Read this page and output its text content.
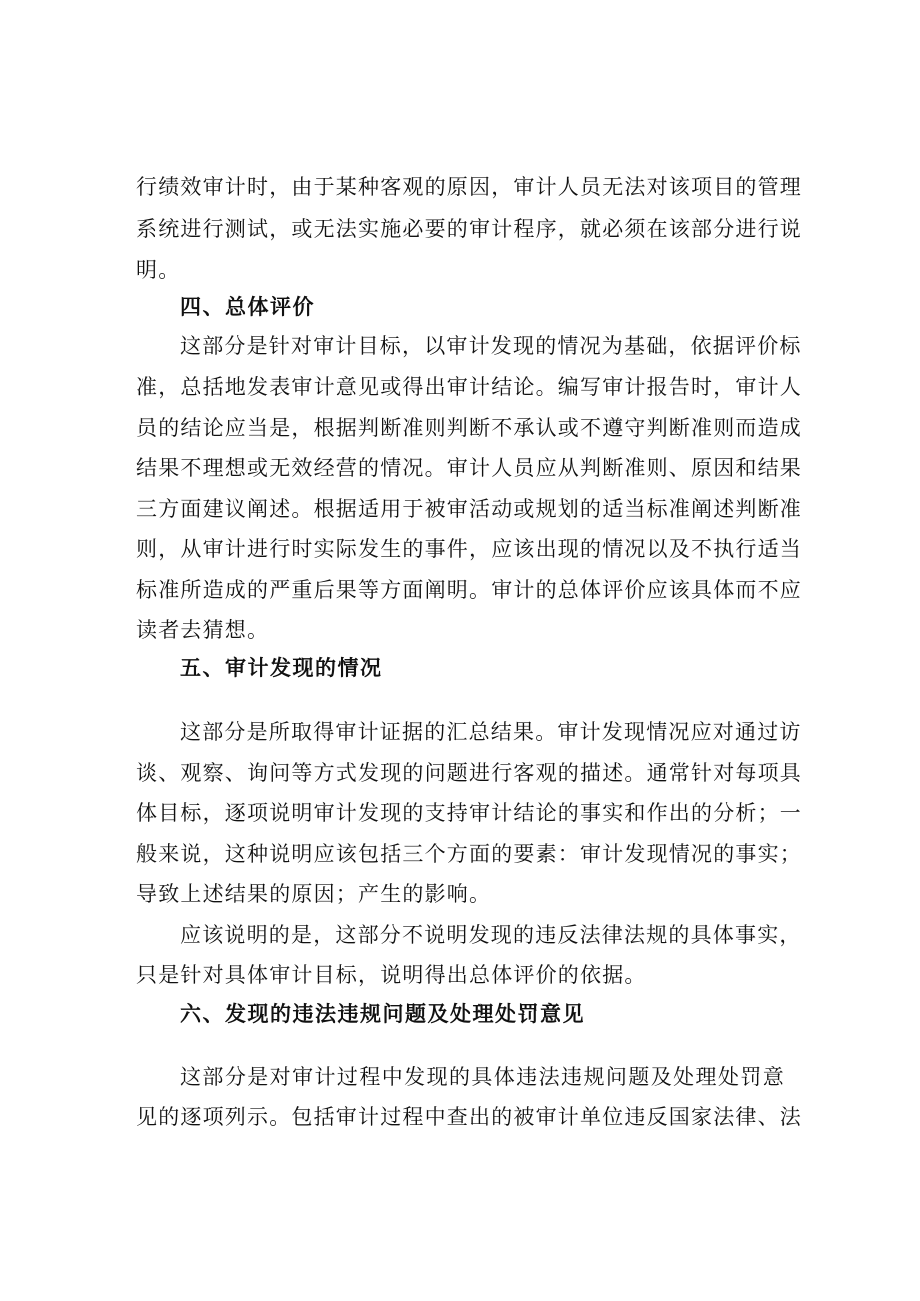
行绩效审计时，由于某种客观的原因，审计人员无法对该项目的管理
系统进行测试，或无法实施必要的审计程序，就必须在该部分进行说
明。
四、总体评价
这部分是针对审计目标，以审计发现的情况为基础，依据评价标
准，总括地发表审计意见或得出审计结论。编写审计报告时，审计人
员的结论应当是，根据判断准则判断不承认或不遵守判断准则而造成
结果不理想或无效经营的情况。审计人员应从判断准则、原因和结果
三方面建议阐述。根据适用于被审活动或规划的适当标准阐述判断准
则，从审计进行时实际发生的事件，应该出现的情况以及不执行适当
标准所造成的严重后果等方面阐明。审计的总体评价应该具体而不应
读者去猜想。
五、审计发现的情况
这部分是所取得审计证据的汇总结果。审计发现情况应对通过访
谈、观察、询问等方式发现的问题进行客观的描述。通常针对每项具
体目标，逐项说明审计发现的支持审计结论的事实和作出的分析；一
般来说，这种说明应该包括三个方面的要素：审计发现情况的事实；
导致上述结果的原因；产生的影响。
应该说明的是，这部分不说明发现的违反法律法规的具体事实，
只是针对具体审计目标，说明得出总体评价的依据。
六、发现的违法违规问题及处理处罚意见
这部分是对审计过程中发现的具体违法违规问题及处理处罚意
见的逐项列示。包括审计过程中查出的被审计单位违反国家法律、法
